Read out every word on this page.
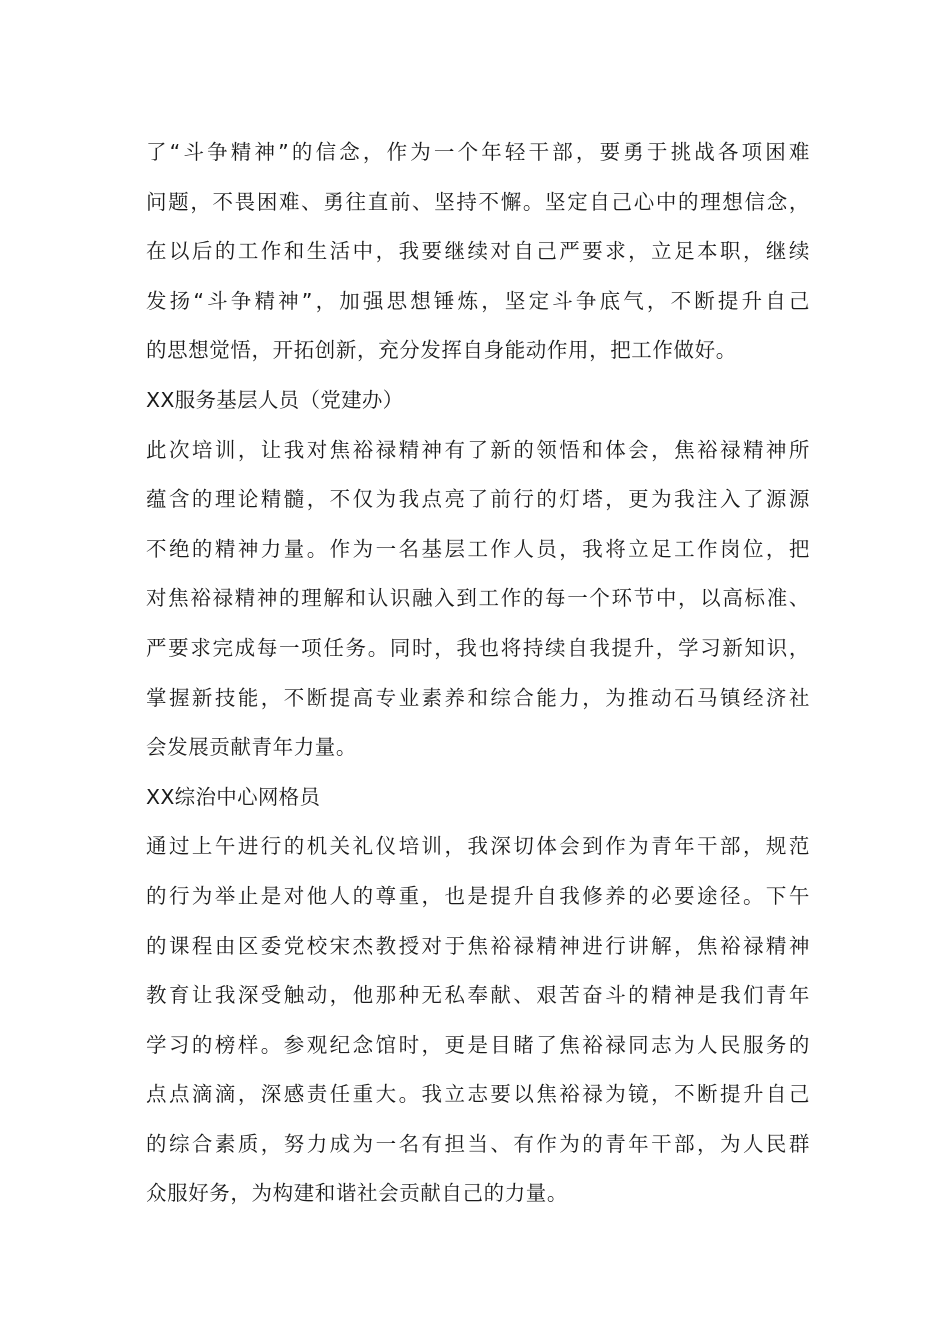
了“斗争精神”的信念，作为一个年轻干部，要勇于挑战各项困难
问题，不畏困难、勇往直前、坚持不懈。坚定自己心中的理想信念，
在以后的工作和生活中，我要继续对自己严要求，立足本职，继续
发扬“斗争精神”，加强思想锤炼，坚定斗争底气，不断提升自己
的思想觉悟，开拓创新，充分发挥自身能动作用，把工作做好。
XX服务基层人员（党建办）
此次培训，让我对焦裕禄精神有了新的领悟和体会，焦裕禄精神所
蕴含的理论精髓，不仅为我点亮了前行的灯塔，更为我注入了源源
不绝的精神力量。作为一名基层工作人员，我将立足工作岗位，把
对焦裕禄精神的理解和认识融入到工作的每一个环节中，以高标准、
严要求完成每一项任务。同时，我也将持续自我提升，学习新知识，
掌握新技能，不断提高专业素养和综合能力，为推动石马镇经济社
会发展贡献青年力量。
XX综治中心网格员
通过上午进行的机关礼仪培训，我深切体会到作为青年干部，规范
的行为举止是对他人的尊重，也是提升自我修养的必要途径。下午
的课程由区委党校宋杰教授对于焦裕禄精神进行讲解，焦裕禄精神
教育让我深受触动，他那种无私奉献、艰苦奋斗的精神是我们青年
学习的榜样。参观纪念馆时，更是目睹了焦裕禄同志为人民服务的
点点滴滴，深感责任重大。我立志要以焦裕禄为镜，不断提升自己
的综合素质，努力成为一名有担当、有作为的青年干部，为人民群
众服好务，为构建和谐社会贡献自己的力量。
